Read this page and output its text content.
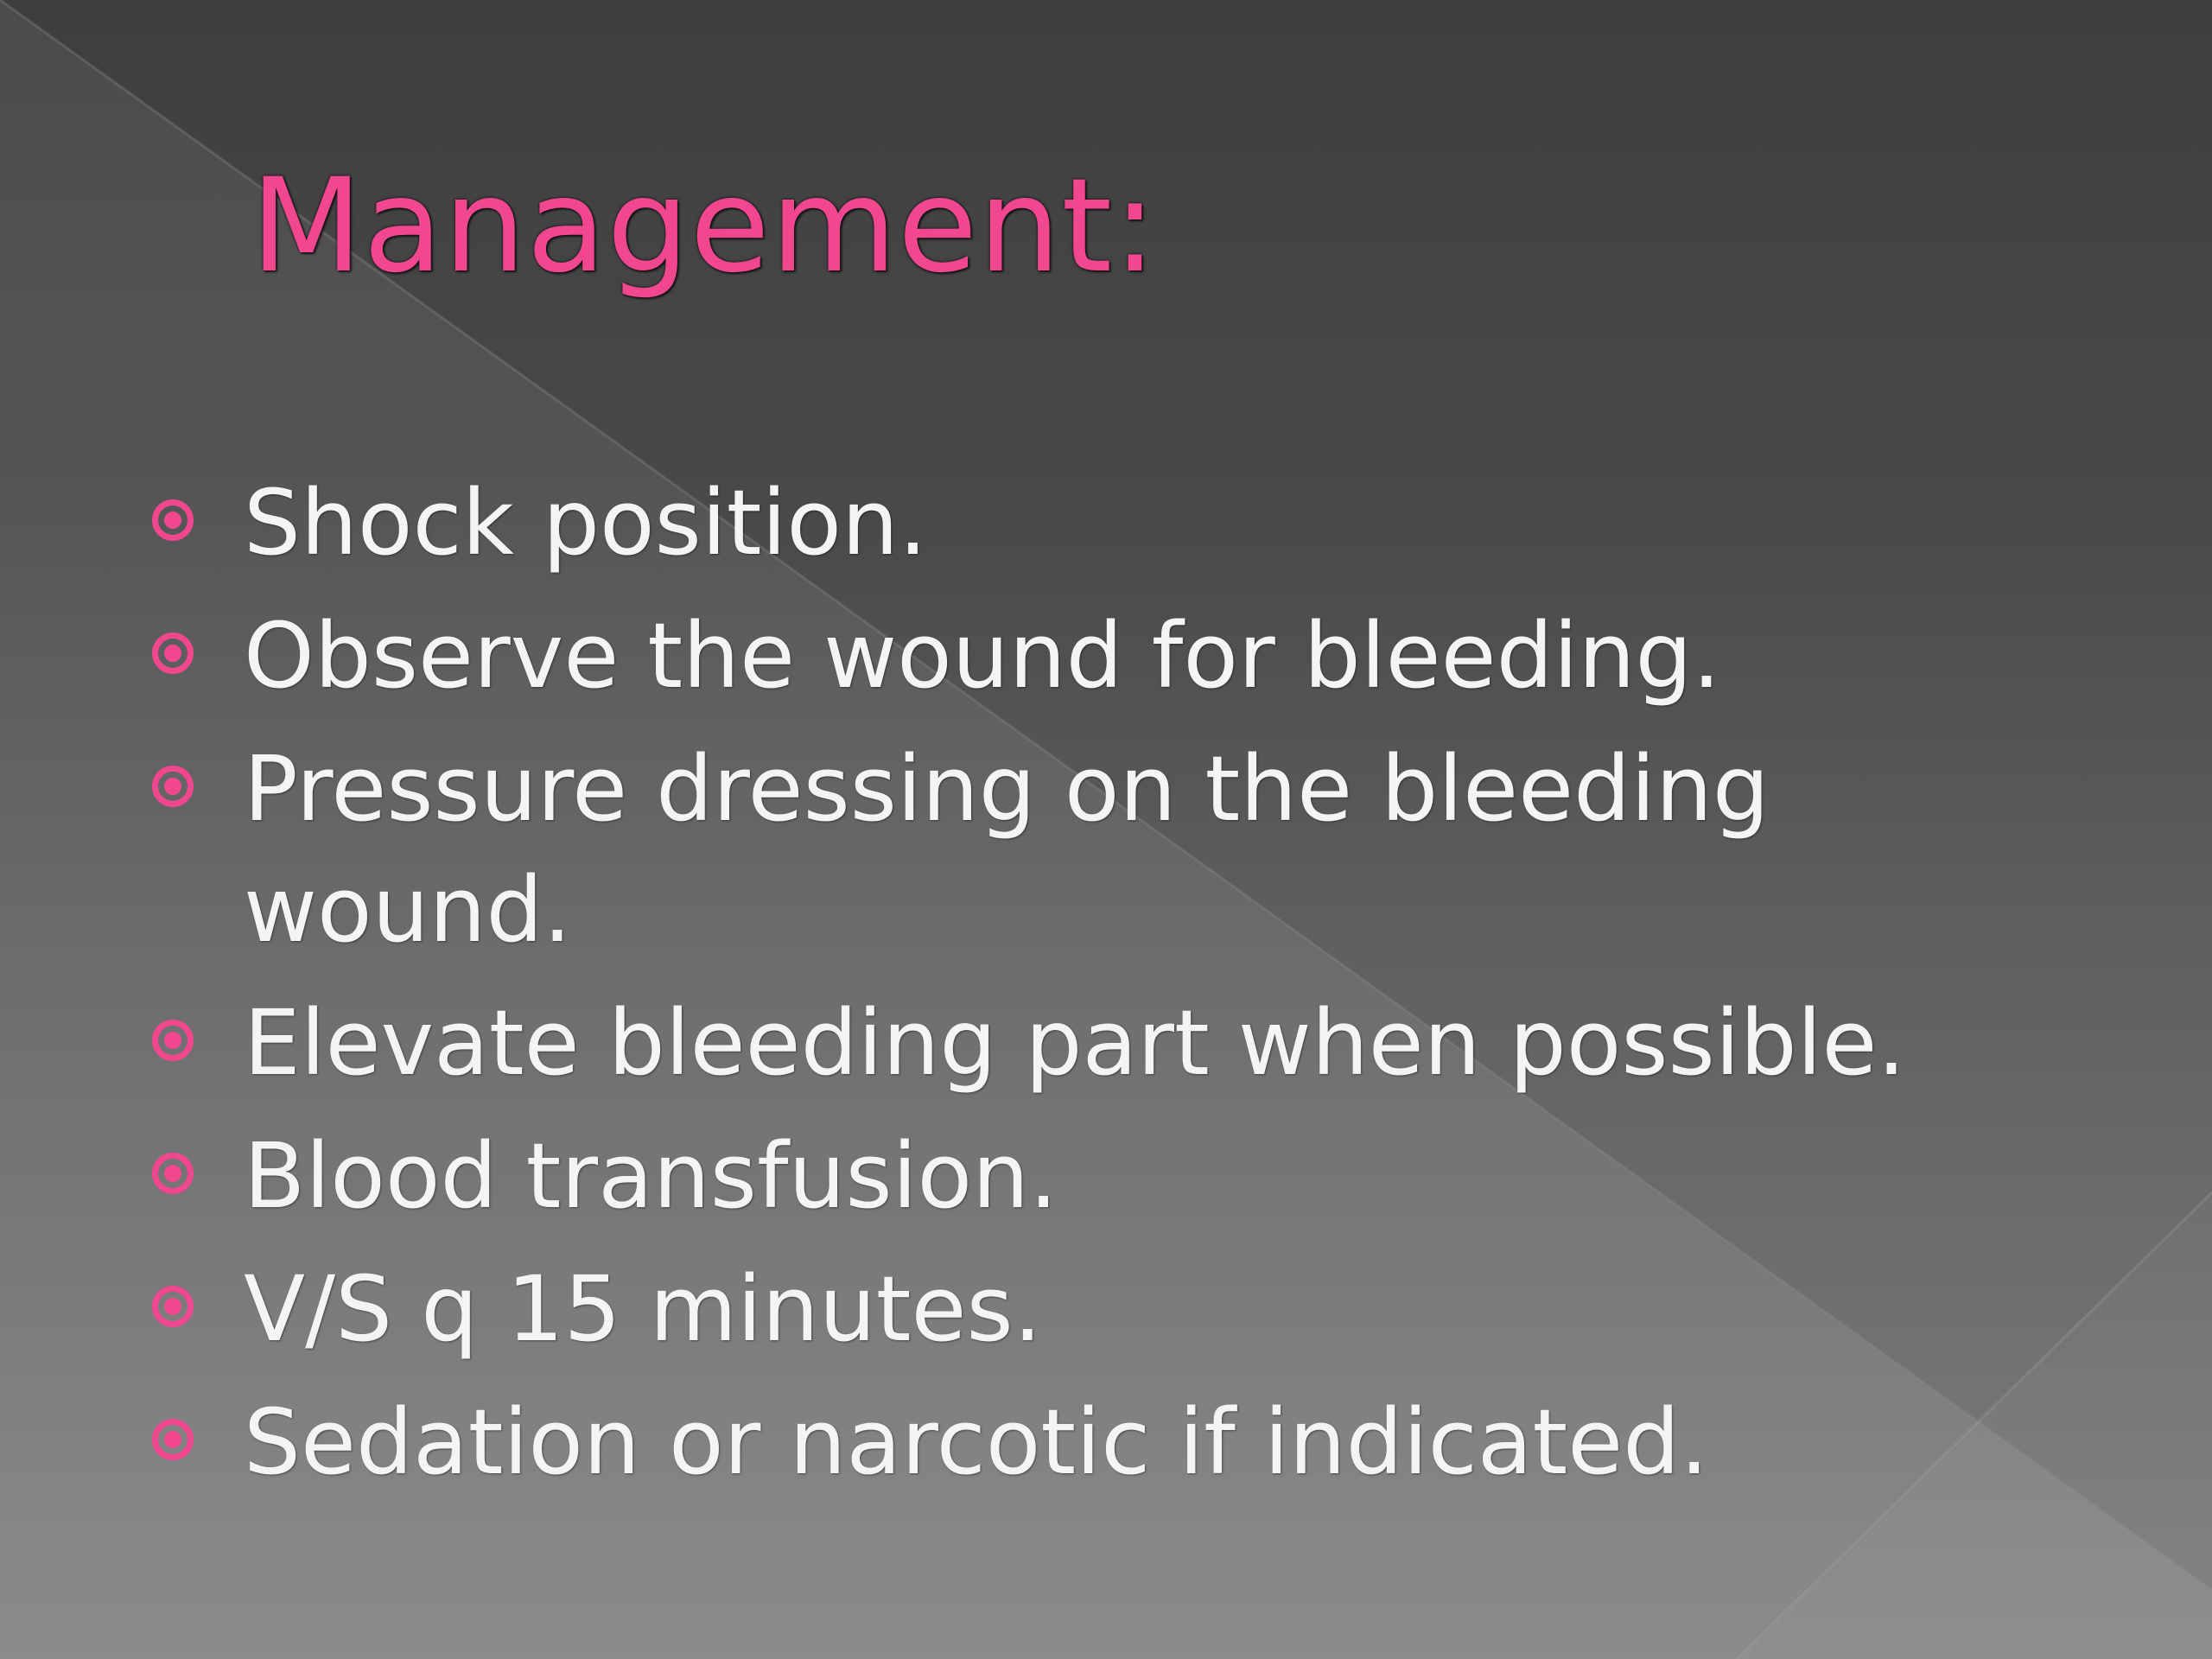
Management:
Shock position.
Observe the wound for bleeding.
Pressure dressing on the bleeding wound.
Elevate bleeding part when possible.
Blood transfusion.
V/S q 15 minutes.
Sedation or narcotic if indicated.
